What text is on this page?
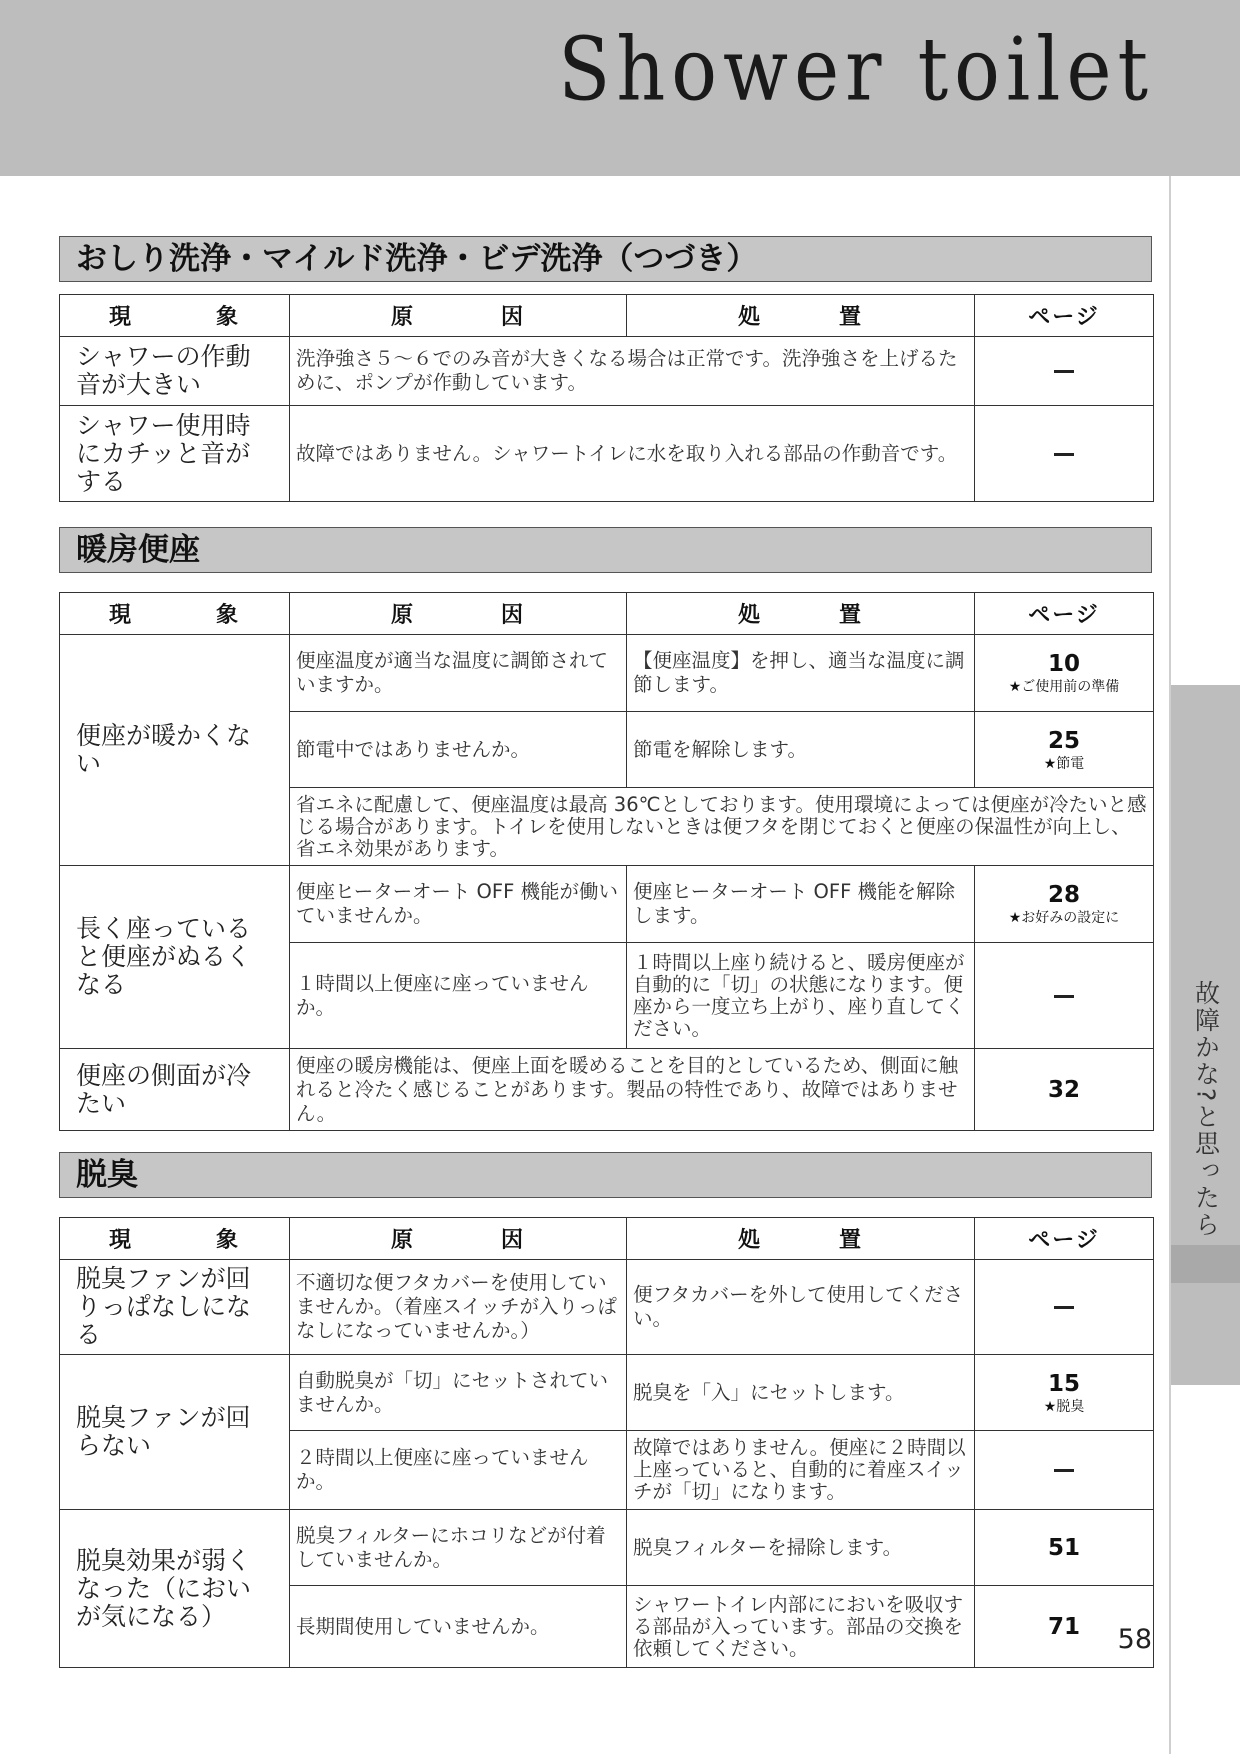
Shower toilet
故障かな?と思ったら
おしり洗浄・マイルド洗浄・ビデ洗浄（つづき）
現 象	原 因	処 置	ページ
シャワーの作動音が大きい	洗浄強さ５～６でのみ音が大きくなる場合は正常です。洗浄強さを上げるために、ポンプが作動しています。		
シャワー使用時にカチッと音がする	故障ではありません。シャワートイレに水を取り入れる部品の作動音です。		
暖房便座
現 象	原 因	処 置	ページ
便座が暖かくない	便座温度が適当な温度に調節されていますか。	【便座温度】を押し、適当な温度に調節します。	10
★ご使用前の準備

	節電中ではありませんか。	節電を解除します。	25
★節電

	省エネに配慮して、便座温度は最高 36℃としております。使用環境によっては便座が冷たいと感じる場合があります。トイレを使用しないときは便フタを閉じておくと便座の保温性が向上し、省エネ効果があります。		
長く座っていると便座がぬるくなる	便座ヒーターオート OFF 機能が働いていませんか。	便座ヒーターオート OFF 機能を解除します。	28
★お好みの設定に

	１時間以上便座に座っていませんか。	１時間以上座り続けると、暖房便座が自動的に「切」の状態になります。便座から一度立ち上がり、座り直してください。	
便座の側面が冷たい	便座の暖房機能は、便座上面を暖めることを目的としているため、側面に触れると冷たく感じることがあります。製品の特性であり、故障ではありません。		32
脱臭
現 象	原 因	処 置	ページ
脱臭ファンが回りっぱなしになる	不適切な便フタカバーを使用していませんか。（着座スイッチが入りっぱなしになっていませんか。）	便フタカバーを外して使用してください。	
脱臭ファンが回らない	自動脱臭が「切」にセットされていませんか。	脱臭を「入」にセットします。	15
★脱臭

	２時間以上便座に座っていませんか。	故障ではありません。便座に２時間以上座っていると、自動的に着座スイッチが「切」になります。	
脱臭効果が弱くなった（においが気になる）	脱臭フィルターにホコリなどが付着していませんか。	脱臭フィルターを掃除します。	51
	長期間使用していませんか。	シャワートイレ内部ににおいを吸収する部品が入っています。部品の交換を依頼してください。	71 58
